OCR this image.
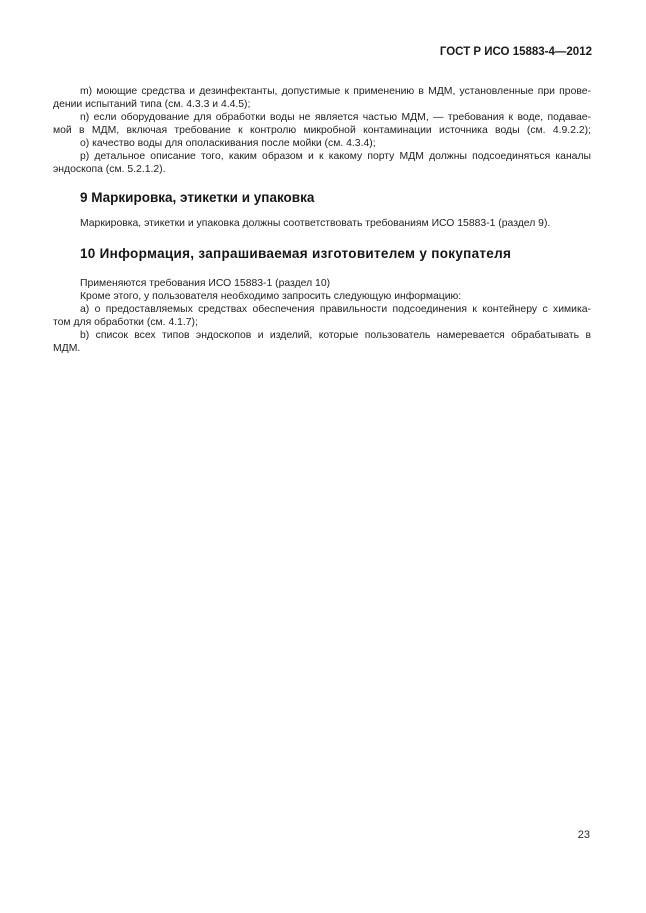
ГОСТ Р ИСО 15883-4—2012

m) моющие средства и дезинфектанты, допустимые к применению в МДМ, установленные при прове-
дении испытаний типа (см. 4.3.3 и 4.4.5);

n) если оборудование для обработки воды не является частью МДМ, — требования к воде, подавае-
мой в МДМ, включая требование к контролю микробной контаминации источника воды (см. 4.9.2.2);

о) качество воды для ополаскивания после мойки (см. 4.3.4);

р) детальное описание того, каким образом и к какому порту МДМ должны подсоединяться каналы
эндоскопа (см. 5.2.1.2).

9 Маркировка, этикетки и упаковка

Маркировка, этикетки и упаковка должны соответствовать требованиям ИСО 15883-1 (раздел 9).

10 Информация, запрашиваемая изготовителем у покупателя

Применяются требования ИСО 15883-1 (раздел 10)

Кроме этого, у пользователя необходимо запросить следующую информацию:

а) о предоставляемых средствах обеспечения правильности подсоединения к контейнеру с химика-
том для обработки (см. 4.1.7);

b) список всех типов эндоскопов и изделий, которые пользователь намеревается обрабатывать в
МДМ.

23
